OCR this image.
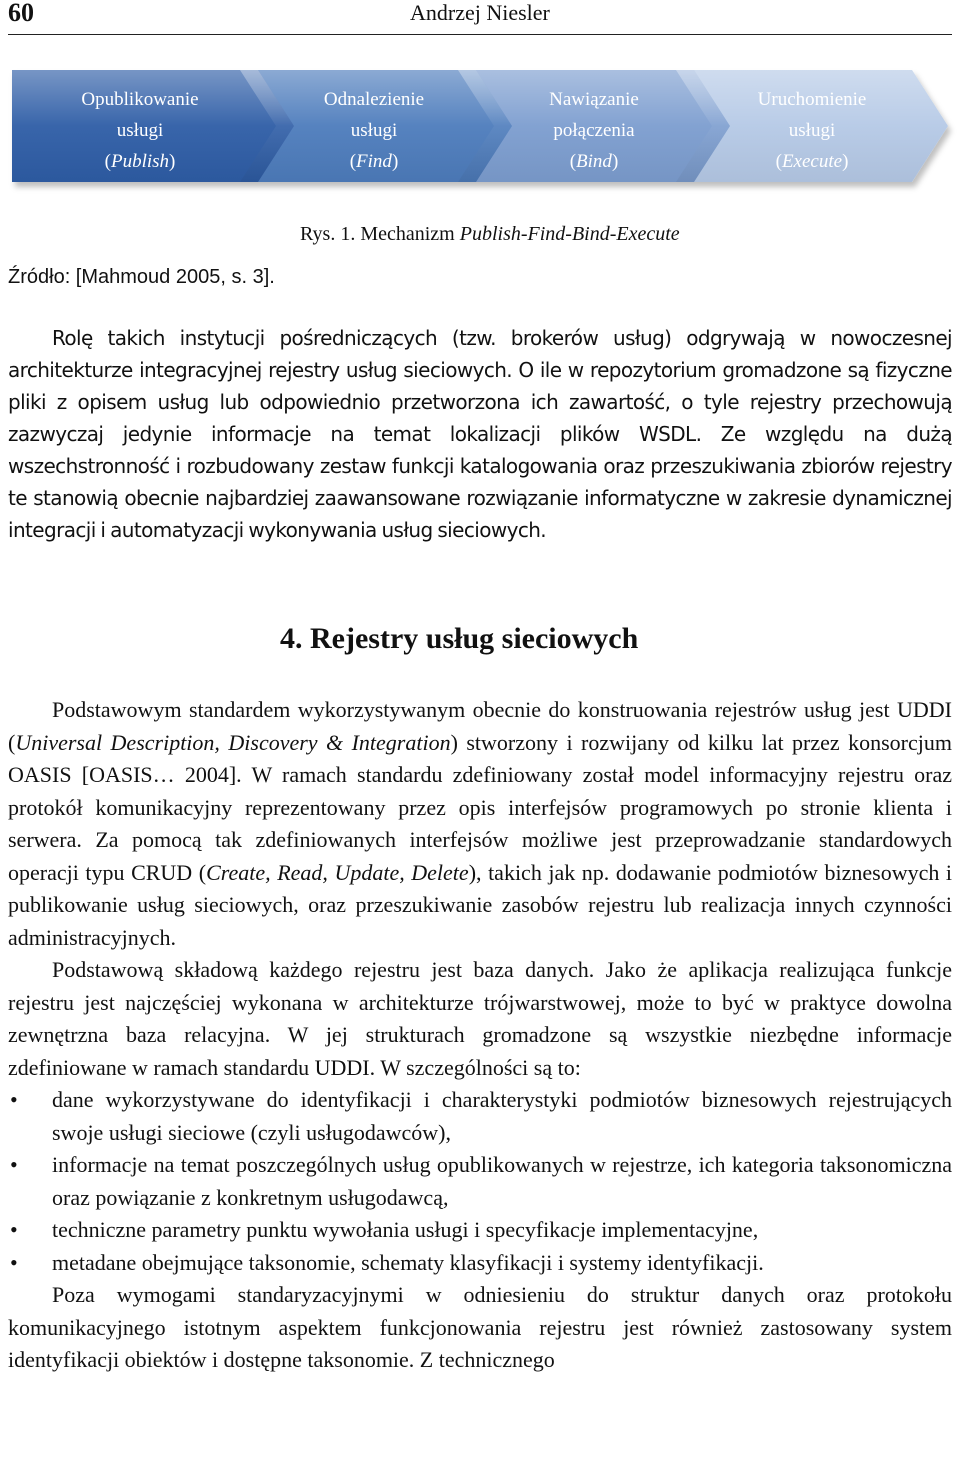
60	Andrzej Niesler
Opublikowanie
usługi
(Publish)
Odnalezienie
usługi
(Find)
Nawiązanie
połączenia
(Bind)
Uruchomienie
usługi
(Execute)
Rys. 1. Mechanizm Publish-Find-Bind-Execute
Źródło: [Mahmoud 2005, s. 3].

Rolę takich instytucji pośredniczących (tzw. brokerów usług) odgrywają w nowoczesnej architekturze integracyjnej rejestry usług sieciowych. O ile w repozytorium gromadzone są fizyczne pliki z opisem usług lub odpowiednio przetworzona ich zawartość, o tyle rejestry przechowują zazwyczaj jedynie informacje na temat lokalizacji plików WSDL. Ze względu na dużą wszechstronność i rozbudowany zestaw funkcji katalogowania oraz przeszukiwania zbiorów rejestry te stanowią obecnie najbardziej zaawansowane rozwiązanie informatyczne w zakresie dynamicznej integracji i automatyzacji wykonywania usług sieciowych.

4. Rejestry usług sieciowych

Podstawowym standardem wykorzystywanym obecnie do konstruowania rejestrów usług jest UDDI (Universal Description, Discovery & Integration) stworzony i rozwijany od kilku lat przez konsorcjum OASIS [OASIS… 2004]. W ramach standardu zdefiniowany został model informacyjny rejestru oraz protokół komunikacyjny reprezentowany przez opis interfejsów programowych po stronie klienta i serwera. Za pomocą tak zdefiniowanych interfejsów możliwe jest przeprowadzanie standardowych operacji typu CRUD (Create, Read, Update, Delete), takich jak np. dodawanie podmiotów biznesowych i publikowanie usług sieciowych, oraz przeszukiwanie zasobów rejestru lub realizacja innych czynności administracyjnych.

Podstawową składową każdego rejestru jest baza danych. Jako że aplikacja realizująca funkcje rejestru jest najczęściej wykonana w architekturze trójwarstwowej, może to być w praktyce dowolna zewnętrzna baza relacyjna. W jej strukturach gromadzone są wszystkie niezbędne informacje zdefiniowane w ramach standardu UDDI. W szczególności są to:

• dane wykorzystywane do identyfikacji i charakterystyki podmiotów biznesowych rejestrujących swoje usługi sieciowe (czyli usługodawców),
• informacje na temat poszczególnych usług opublikowanych w rejestrze, ich kategoria taksonomiczna oraz powiązanie z konkretnym usługodawcą,
• techniczne parametry punktu wywołania usługi i specyfikacje implementacyjne,
• metadane obejmujące taksonomie, schematy klasyfikacji i systemy identyfikacji.

Poza wymogami standaryzacyjnymi w odniesieniu do struktur danych oraz protokołu komunikacyjnego istotnym aspektem funkcjonowania rejestru jest również zastosowany system identyfikacji obiektów i dostępne taksonomie. Z technicznego
